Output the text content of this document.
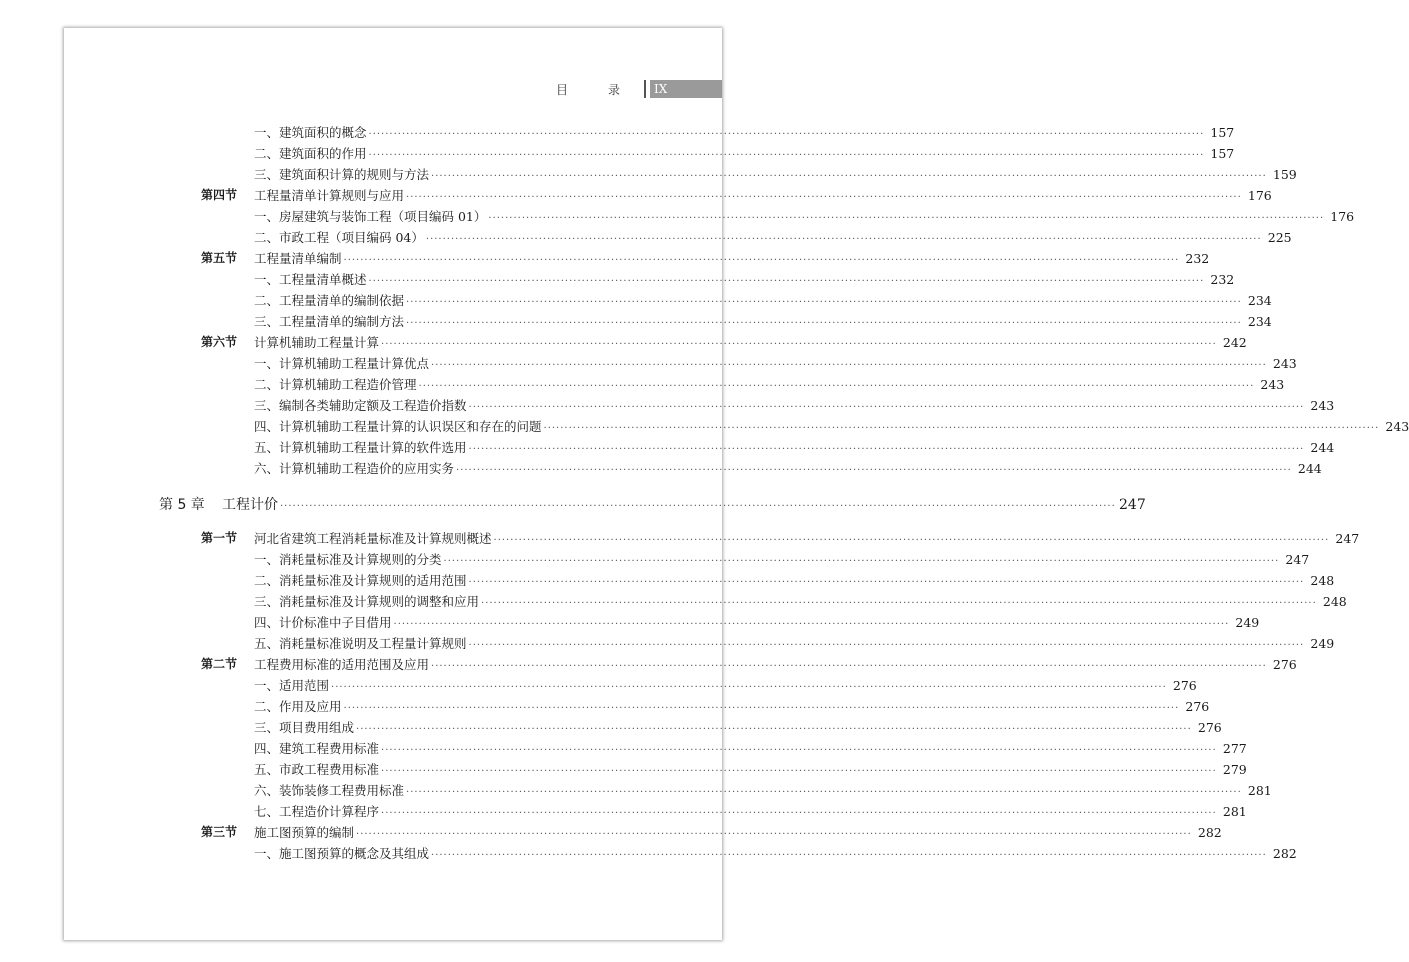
目　录	IX
一、建筑面积的概念 ········································································································································································································ 157
二、建筑面积的作用 ········································································································································································································ 157
三、建筑面积计算的规则与方法 ········································································································································································································ 159
第四节 工程量清单计算规则与应用 ········································································································································································································ 176
一、房屋建筑与装饰工程（项目编码 01） ········································································································································································································ 176
二、市政工程（项目编码 04） ········································································································································································································ 225
第五节 工程量清单编制 ········································································································································································································ 232
一、工程量清单概述 ········································································································································································································ 232
二、工程量清单的编制依据 ········································································································································································································ 234
三、工程量清单的编制方法 ········································································································································································································ 234
第六节 计算机辅助工程量计算 ········································································································································································································ 242
一、计算机辅助工程量计算优点 ········································································································································································································ 243
二、计算机辅助工程造价管理 ········································································································································································································ 243
三、编制各类辅助定额及工程造价指数 ········································································································································································································ 243
四、计算机辅助工程量计算的认识误区和存在的问题 ········································································································································································································ 243
五、计算机辅助工程量计算的软件选用 ········································································································································································································ 244
六、计算机辅助工程造价的应用实务 ········································································································································································································ 244
第 5 章 工程计价 ········································································································································································································ 247
第一节 河北省建筑工程消耗量标准及计算规则概述 ········································································································································································································ 247
一、消耗量标准及计算规则的分类 ········································································································································································································ 247
二、消耗量标准及计算规则的适用范围 ········································································································································································································ 248
三、消耗量标准及计算规则的调整和应用 ········································································································································································································ 248
四、计价标准中子目借用 ········································································································································································································ 249
五、消耗量标准说明及工程量计算规则 ········································································································································································································ 249
第二节 工程费用标准的适用范围及应用 ········································································································································································································ 276
一、适用范围 ········································································································································································································ 276
二、作用及应用 ········································································································································································································ 276
三、项目费用组成 ········································································································································································································ 276
四、建筑工程费用标准 ········································································································································································································ 277
五、市政工程费用标准 ········································································································································································································ 279
六、装饰装修工程费用标准 ········································································································································································································ 281
七、工程造价计算程序 ········································································································································································································ 281
第三节 施工图预算的编制 ········································································································································································································ 282
一、施工图预算的概念及其组成 ········································································································································································································ 282
